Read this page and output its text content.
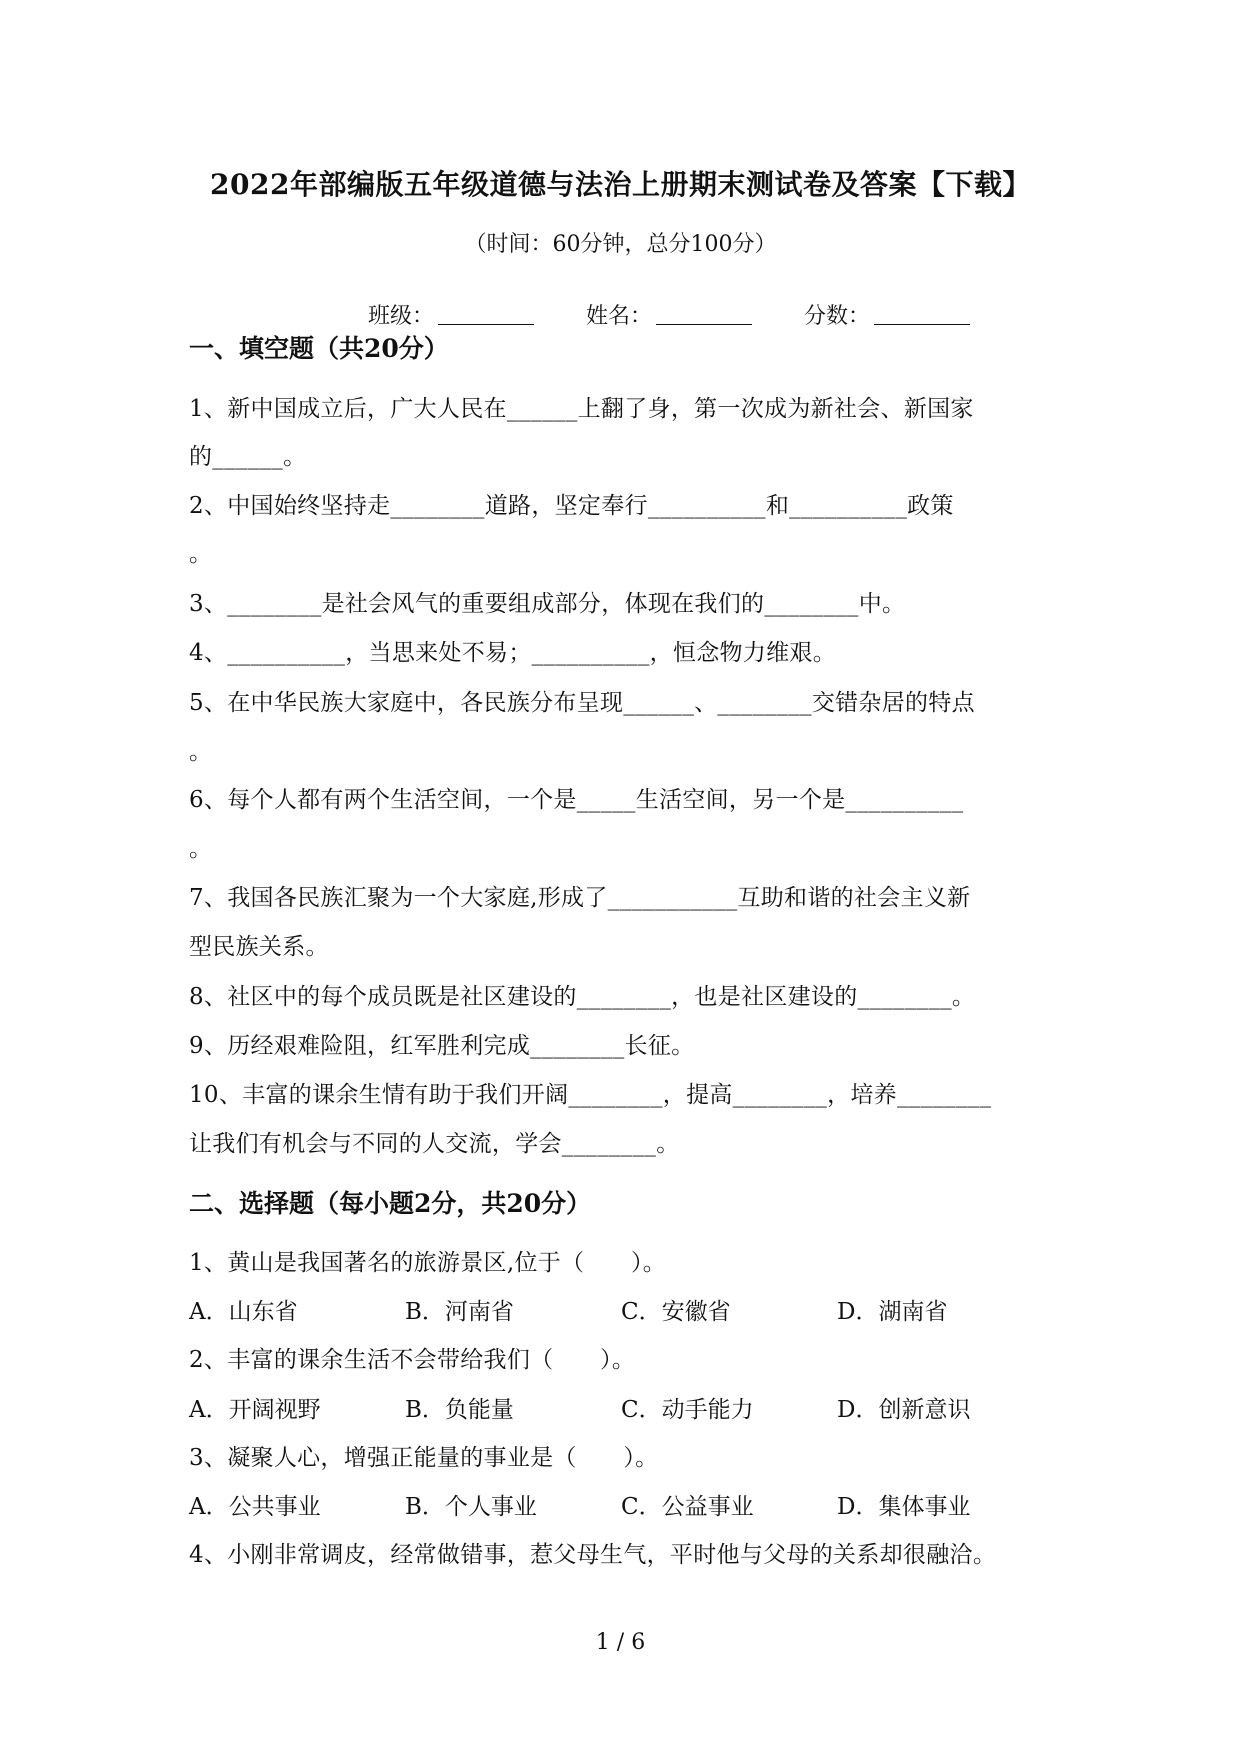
2022年部编版五年级道德与法治上册期末测试卷及答案【下载】
（时间：60分钟，总分100分）

班级：	姓名：	分数：

一、填空题（共20分）
1、新中国成立后，广大人民在______上翻了身，第一次成为新社会、新国家
的______。
2、中国始终坚持走________道路，坚定奉行__________和__________政策
。
3、________是社会风气的重要组成部分，体现在我们的________中。
4、__________，当思来处不易；__________，恒念物力维艰。
5、在中华民族大家庭中，各民族分布呈现______、________交错杂居的特点
。
6、每个人都有两个生活空间，一个是_____生活空间，另一个是__________
。
7、我国各民族汇聚为一个大家庭,形成了___________互助和谐的社会主义新
型民族关系。
8、社区中的每个成员既是社区建设的________，也是社区建设的________。
9、历经艰难险阻，红军胜利完成________长征。
10、丰富的课余生情有助于我们开阔________，提高________，培养________
让我们有机会与不同的人交流，学会________。
二、选择题（每小题2分，共20分）
1、黄山是我国著名的旅游景区,位于（　　）。
A．山东省	B．河南省	C．安徽省	D．湖南省
2、丰富的课余生活不会带给我们（　　）。
A．开阔视野	B．负能量	C．动手能力	D．创新意识
3、凝聚人心，增强正能量的事业是（　　）。
A．公共事业	B．个人事业	C．公益事业	D．集体事业
4、小刚非常调皮，经常做错事，惹父母生气，平时他与父母的关系却很融洽。
1 / 6
